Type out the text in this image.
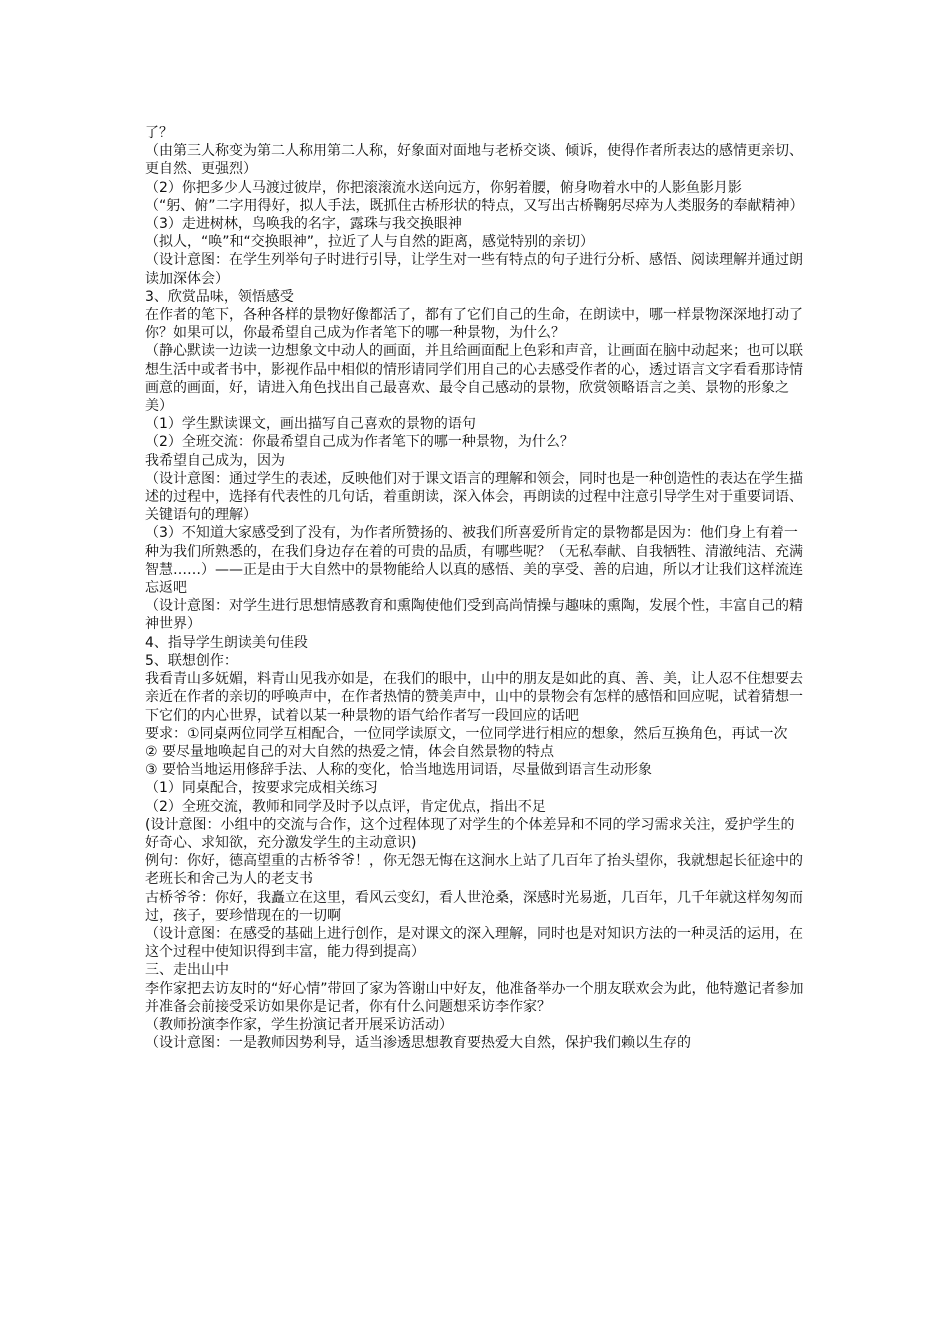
了？
（由第三人称变为第二人称用第二人称，好象面对面地与老桥交谈、倾诉，使得作者所表达的感情更亲切、更自然、更强烈）
（2）你把多少人马渡过彼岸，你把滚滚流水送向远方，你躬着腰，俯身吻着水中的人影鱼影月影
（“躬、俯”二字用得好，拟人手法，既抓住古桥形状的特点，又写出古桥鞠躬尽瘁为人类服务的奉献精神）
（3）走进树林，鸟唤我的名字，露珠与我交换眼神
（拟人，“唤”和“交换眼神”，拉近了人与自然的距离，感觉特别的亲切）
（设计意图：在学生列举句子时进行引导，让学生对一些有特点的句子进行分析、感悟、阅读理解并通过朗读加深体会）
3、欣赏品味，领悟感受
在作者的笔下，各种各样的景物好像都活了，都有了它们自己的生命，在朗读中，哪一样景物深深地打动了你？如果可以，你最希望自己成为作者笔下的哪一种景物，为什么？
（静心默读一边读一边想象文中动人的画面，并且给画面配上色彩和声音，让画面在脑中动起来；也可以联想生活中或者书中，影视作品中相似的情形请同学们用自己的心去感受作者的心，透过语言文字看看那诗情画意的画面，好，请进入角色找出自己最喜欢、最令自己感动的景物，欣赏领略语言之美、景物的形象之美）
（1）学生默读课文，画出描写自己喜欢的景物的语句
（2）全班交流：你最希望自己成为作者笔下的哪一种景物，为什么？
我希望自己成为，因为
（设计意图：通过学生的表述，反映他们对于课文语言的理解和领会，同时也是一种创造性的表达在学生描述的过程中，选择有代表性的几句话，着重朗读，深入体会，再朗读的过程中注意引导学生对于重要词语、关键语句的理解）
（3）不知道大家感受到了没有，为作者所赞扬的、被我们所喜爱所肯定的景物都是因为：他们身上有着一种为我们所熟悉的，在我们身边存在着的可贵的品质，有哪些呢？（无私奉献、自我牺牲、清澈纯洁、充满智慧……）——正是由于大自然中的景物能给人以真的感悟、美的享受、善的启迪，所以才让我们这样流连忘返吧
（设计意图：对学生进行思想情感教育和熏陶使他们受到高尚情操与趣味的熏陶，发展个性，丰富自己的精神世界）
4、指导学生朗读美句佳段
5、联想创作：
我看青山多妩媚，料青山见我亦如是，在我们的眼中，山中的朋友是如此的真、善、美，让人忍不住想要去亲近在作者的亲切的呼唤声中，在作者热情的赞美声中，山中的景物会有怎样的感悟和回应呢，试着猜想一下它们的内心世界，试着以某一种景物的语气给作者写一段回应的话吧
要求：①同桌两位同学互相配合，一位同学读原文，一位同学进行相应的想象，然后互换角色，再试一次
② 要尽量地唤起自己的对大自然的热爱之情，体会自然景物的特点
③ 要恰当地运用修辞手法、人称的变化，恰当地选用词语，尽量做到语言生动形象
（1）同桌配合，按要求完成相关练习
（2）全班交流，教师和同学及时予以点评，肯定优点，指出不足
(设计意图：小组中的交流与合作，这个过程体现了对学生的个体差异和不同的学习需求关注，爱护学生的好奇心、求知欲，充分激发学生的主动意识)
例句：你好，德高望重的古桥爷爷！，你无怨无悔在这涧水上站了几百年了抬头望你，我就想起长征途中的老班长和舍己为人的老支书
古桥爷爷：你好，我矗立在这里，看风云变幻，看人世沧桑，深感时光易逝，几百年，几千年就这样匆匆而过，孩子，要珍惜现在的一切啊
（设计意图：在感受的基础上进行创作，是对课文的深入理解，同时也是对知识方法的一种灵活的运用，在这个过程中使知识得到丰富，能力得到提高）
三、走出山中
李作家把去访友时的“好心情”带回了家为答谢山中好友，他准备举办一个朋友联欢会为此，他特邀记者参加并准备会前接受采访如果你是记者，你有什么问题想采访李作家？
（教师扮演李作家，学生扮演记者开展采访活动）
（设计意图：一是教师因势利导，适当渗透思想教育要热爱大自然，保护我们赖以生存的
